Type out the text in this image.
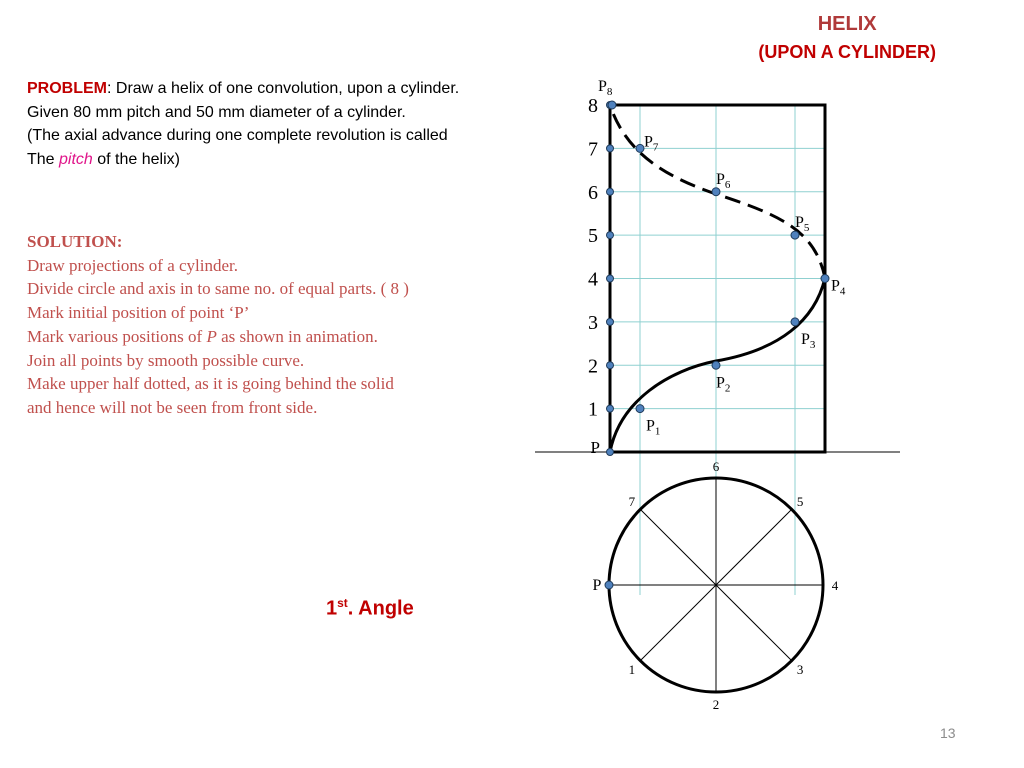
HELIX
(UPON A CYLINDER)
PROBLEM: Draw a helix of one convolution, upon a cylinder.
Given 80 mm pitch and 50 mm diameter of a cylinder.
(The axial advance during one complete revolution is called
The pitch of the helix)
SOLUTION:
Draw projections of a cylinder.
Divide circle and axis in to same no. of equal parts. ( 8 )
Mark initial position of point ‘P’
Mark various positions of P as shown in animation.
Join all points by smooth possible curve.
Make upper half dotted, as it is going behind the solid
and hence will not be seen from front side.
P
1
2
3
4
5
6
7
1
2
3
4
5
6
7
8
P
$P_1$
$P_2$
$P_3$
$P_4$
$P_5$
$P_6$
$P_7$
$P_8$
1st. Angle
13
